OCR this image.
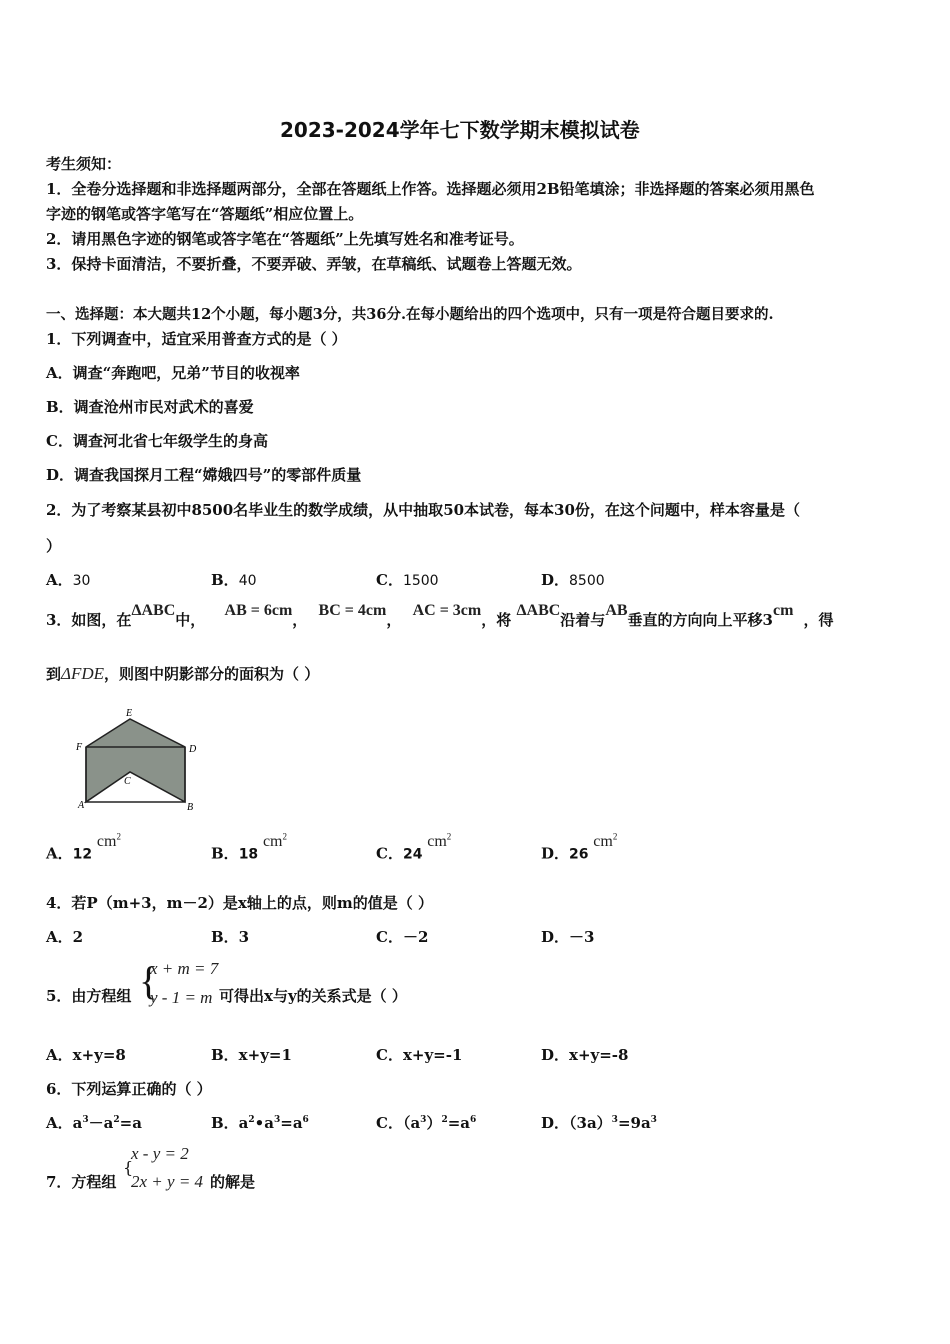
2023-2024学年七下数学期末模拟试卷
考生须知：
1．全卷分选择题和非选择题两部分，全部在答题纸上作答。选择题必须用2B铅笔填涂；非选择题的答案必须用黑色
字迹的钢笔或答字笔写在“答题纸”相应位置上。
2．请用黑色字迹的钢笔或答字笔在“答题纸”上先填写姓名和准考证号。
3．保持卡面清洁，不要折叠，不要弄破、弄皱，在草稿纸、试题卷上答题无效。
一、选择题：本大题共12个小题，每小题3分，共36分.在每小题给出的四个选项中，只有一项是符合题目要求的.
1．下列调查中，适宜采用普查方式的是（ ）
A．调查“奔跑吧，兄弟”节目的收视率
B．调查沧州市民对武术的喜爱
C．调查河北省七年级学生的身高
D．调查我国探月工程“嫦娥四号”的零部件质量
2．为了考察某县初中8500名毕业生的数学成绩，从中抽取50本试卷，每本30份，在这个问题中，样本容量是（
）
A．30	B．40	C．1500	D．8500
3．如图，在ΔABC中， AB = 6cm， BC = 4cm， AC = 3cm，将 ΔABC沿着与AB垂直的方向向上平移3cm，得
到ΔFDE，则图中阴影部分的面积为（ ）
E
F	D
C
A	B
A．12 $cm^2$
B．18 $cm^2$
C．24 $cm^2$
D．26 $cm^2$
4．若P（m+3，m－2）是x轴上的点，则m的值是（ ）
A．2	B．3	C．－2	D．－3
5．由方程组 {
x + m = 7
y - 1 = m 可得出x与y的关系式是（ ）
A．x+y=8	B．x+y=1	C．x+y=-1	D．x+y=-8
6．下列运算正确的（ ）
A．$a^3-a^2=a$	B．$a^2•a^3=a^6$	C．$(a^3)^2=a^6$	D．$(3a)^3=9a^3$
7．方程组
{
x - y = 2
2x + y = 4 的解是
